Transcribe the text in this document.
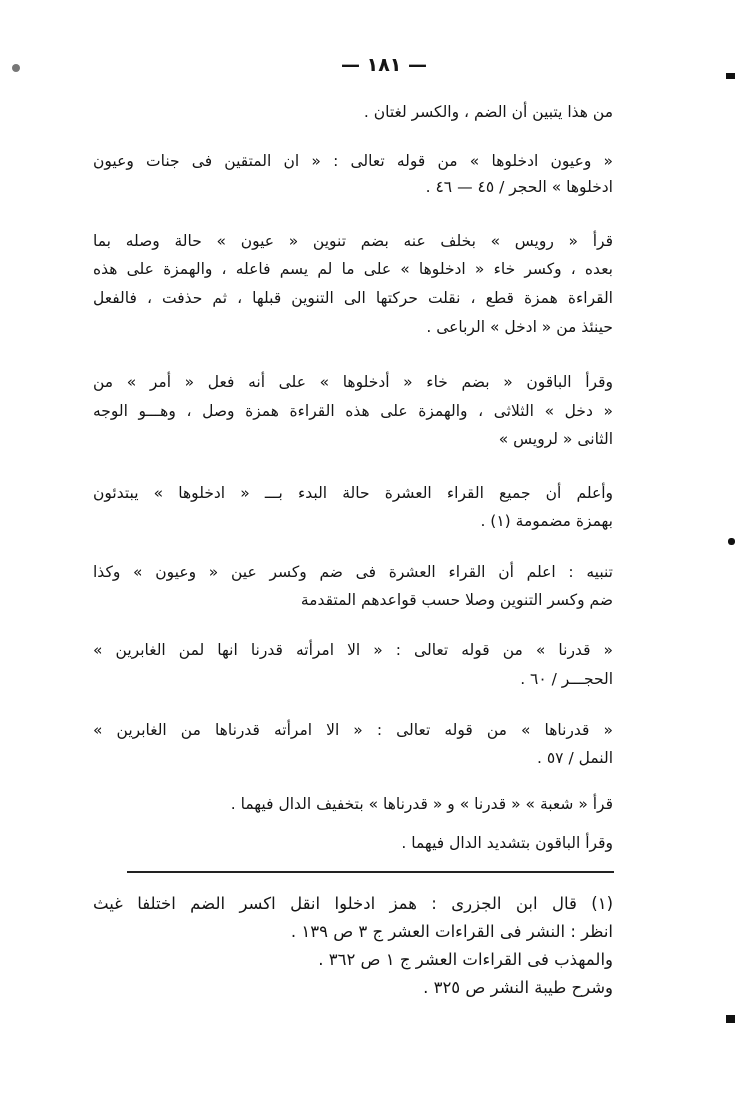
— ١٨١ —
من هذا يتبين أن الضم ، والكسر لغتان .
« وعيون ادخلوها » من قوله تعالى : « ان المتقين فى جنات وعيون
ادخلوها » الحجر / ٤٥ — ٤٦ .
قرأ « رويس » بخلف عنه بضم تنوين « عيون » حالة وصله بما
بعده ، وكسر خاء « ادخلوها » على ما لم يسم فاعله ، والهمزة على هذه
القراءة همزة قطع ، نقلت حركتها الى التنوين قبلها ، ثم حذفت ، فالفعل
حينئذ من « ادخل » الرباعى .
وقرأ الباقون « بضم خاء « أدخلوها » على أنه فعل « أمر » من
« دخل » الثلاثى ، والهمزة على هذه القراءة همزة وصل ، وهـــو الوجه
الثانى « لرويس »
وأعلم أن جميع القراء العشرة حالة البدء بـــ « ادخلوها » يبتدئون
بهمزة مضمومة (١) .
تنبيه : اعلم أن القراء العشرة فى ضم وكسر عين « وعيون » وكذا
ضم وكسر التنوين وصلا حسب قواعدهم المتقدمة
« قدرنا » من قوله تعالى : « الا امرأته قدرنا انها لمن الغابرين »
الحجـــر / ٦٠ .
« قدرناها » من قوله تعالى : « الا امرأته قدرناها من الغابرين »
النمل / ٥٧ .
قرأ « شعبة » « قدرنا » و « قدرناها » بتخفيف الدال فيهما .
وقرأ الباقون بتشديد الدال فيهما .
(١) قال ابن الجزرى : همز ادخلوا انقل اكسر الضم اختلفا غيث
انظر : النشر فى القراءات العشر ج ٣ ص ١٣٩ .
والمهذب فى القراءات العشر ج ١ ص ٣٦٢ .
وشرح طيبة النشر ص ٣٢٥ .
